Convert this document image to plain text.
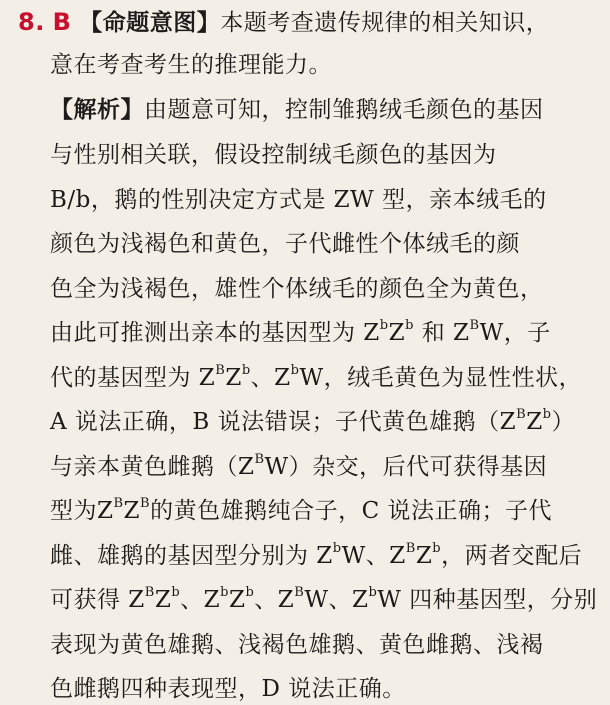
8. B 【命题意图】本题考查遗传规律的相关知识，
意在考查考生的推理能力。
【解析】由题意可知，控制雏鹅绒毛颜色的基因
与性别相关联，假设控制绒毛颜色的基因为
B/b，鹅的性别决定方式是 ZW 型，亲本绒毛的
颜色为浅褐色和黄色，子代雌性个体绒毛的颜
色全为浅褐色，雄性个体绒毛的颜色全为黄色，
由此可推测出亲本的基因型为 $Z^bZ^b$ 和 $Z^BW$，子
代的基因型为 $Z^BZ^b$、$Z^bW$，绒毛黄色为显性性状，
A 说法正确，B 说法错误；子代黄色雄鹅$(Z^BZ^b)$
与亲本黄色雌鹅$(Z^BW)$杂交，后代可获得基因
型为$Z^BZ^B$的黄色雄鹅纯合子，C 说法正确；子代
雌、雄鹅的基因型分别为 $Z^bW$、$Z^BZ^b$，两者交配后
可获得 $Z^BZ^b$、$Z^bZ^b$、$Z^BW$、$Z^bW$ 四种基因型，分别
表现为黄色雄鹅、浅褐色雄鹅、黄色雌鹅、浅褐
色雌鹅四种表现型，D 说法正确。
